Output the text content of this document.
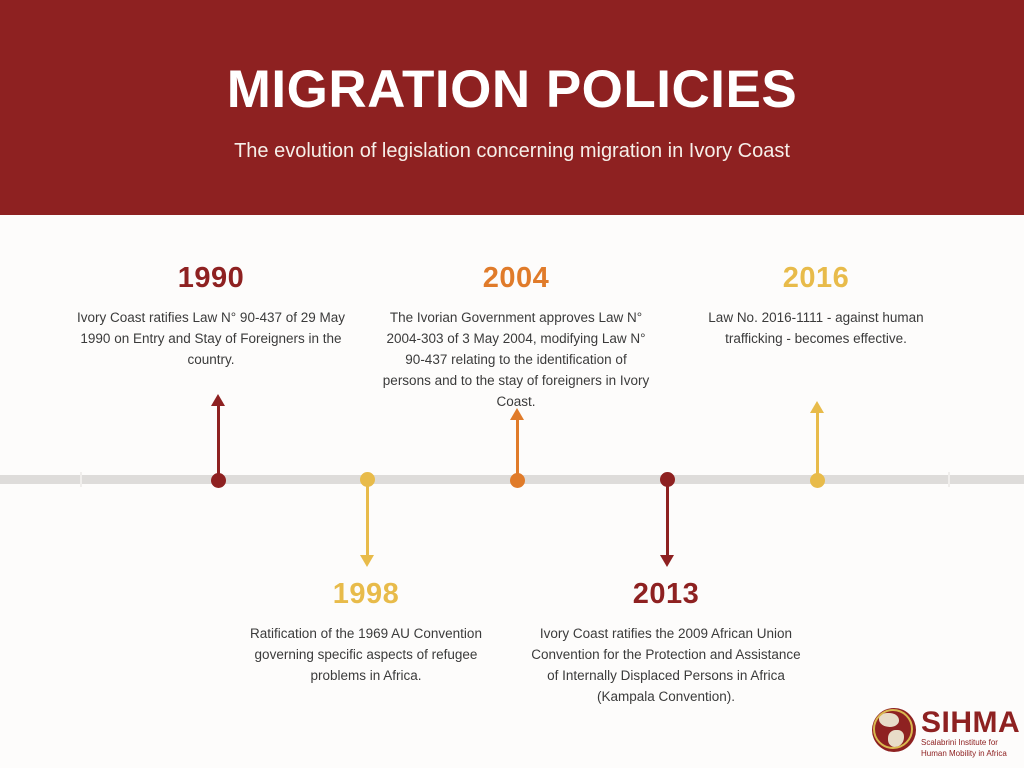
MIGRATION POLICIES
The evolution of legislation concerning migration in Ivory Coast
1990
Ivory Coast ratifies Law N° 90-437 of 29 May 1990 on Entry and Stay of Foreigners in the country.
1998
Ratification of the 1969 AU Convention governing specific aspects of refugee problems in Africa.
2004
The Ivorian Government approves Law N° 2004-303 of 3 May 2004, modifying Law N° 90-437 relating to the identification of persons and to the stay of foreigners in Ivory Coast.
2013
Ivory Coast ratifies the 2009 African Union Convention for the Protection and Assistance of Internally Displaced Persons in Africa (Kampala Convention).
2016
Law No. 2016-1111 - against human trafficking - becomes effective.
SIHMA
Scalabrini Institute for Human Mobility in Africa
